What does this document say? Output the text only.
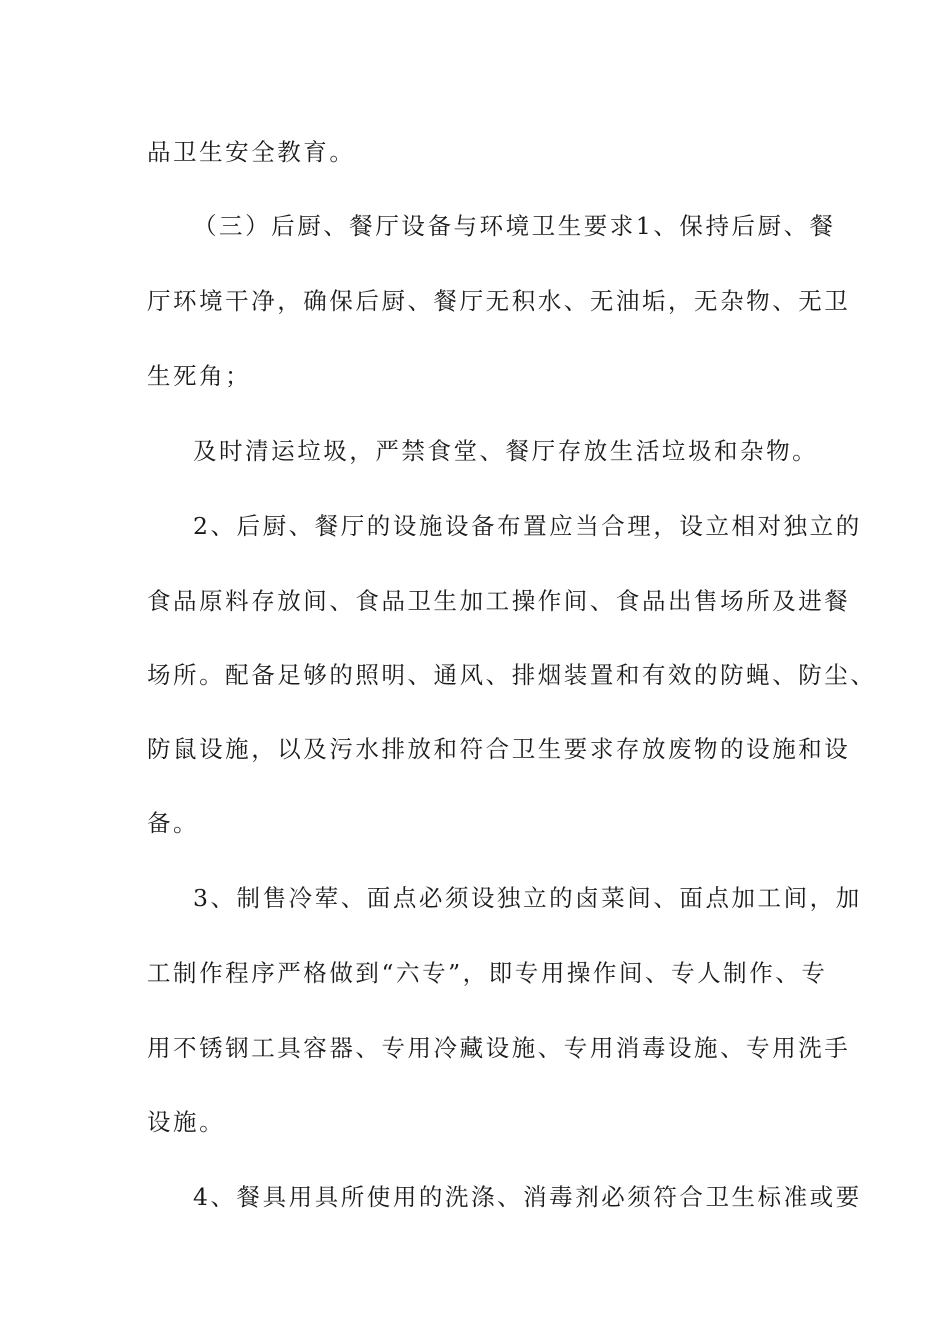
品卫生安全教育。

（三）后厨、餐厅设备与环境卫生要求1、保持后厨、餐

厅环境干净，确保后厨、餐厅无积水、无油垢，无杂物、无卫

生死角；

及时清运垃圾，严禁食堂、餐厅存放生活垃圾和杂物。

2、后厨、餐厅的设施设备布置应当合理，设立相对独立的

食品原料存放间、食品卫生加工操作间、食品出售场所及进餐

场所。配备足够的照明、通风、排烟装置和有效的防蝇、防尘、

防鼠设施，以及污水排放和符合卫生要求存放废物的设施和设

备。

3、制售冷荤、面点必须设独立的卤菜间、面点加工间，加

工制作程序严格做到“六专”，即专用操作间、专人制作、专

用不锈钢工具容器、专用冷藏设施、专用消毒设施、专用洗手

设施。

4、餐具用具所使用的洗涤、消毒剂必须符合卫生标准或要
